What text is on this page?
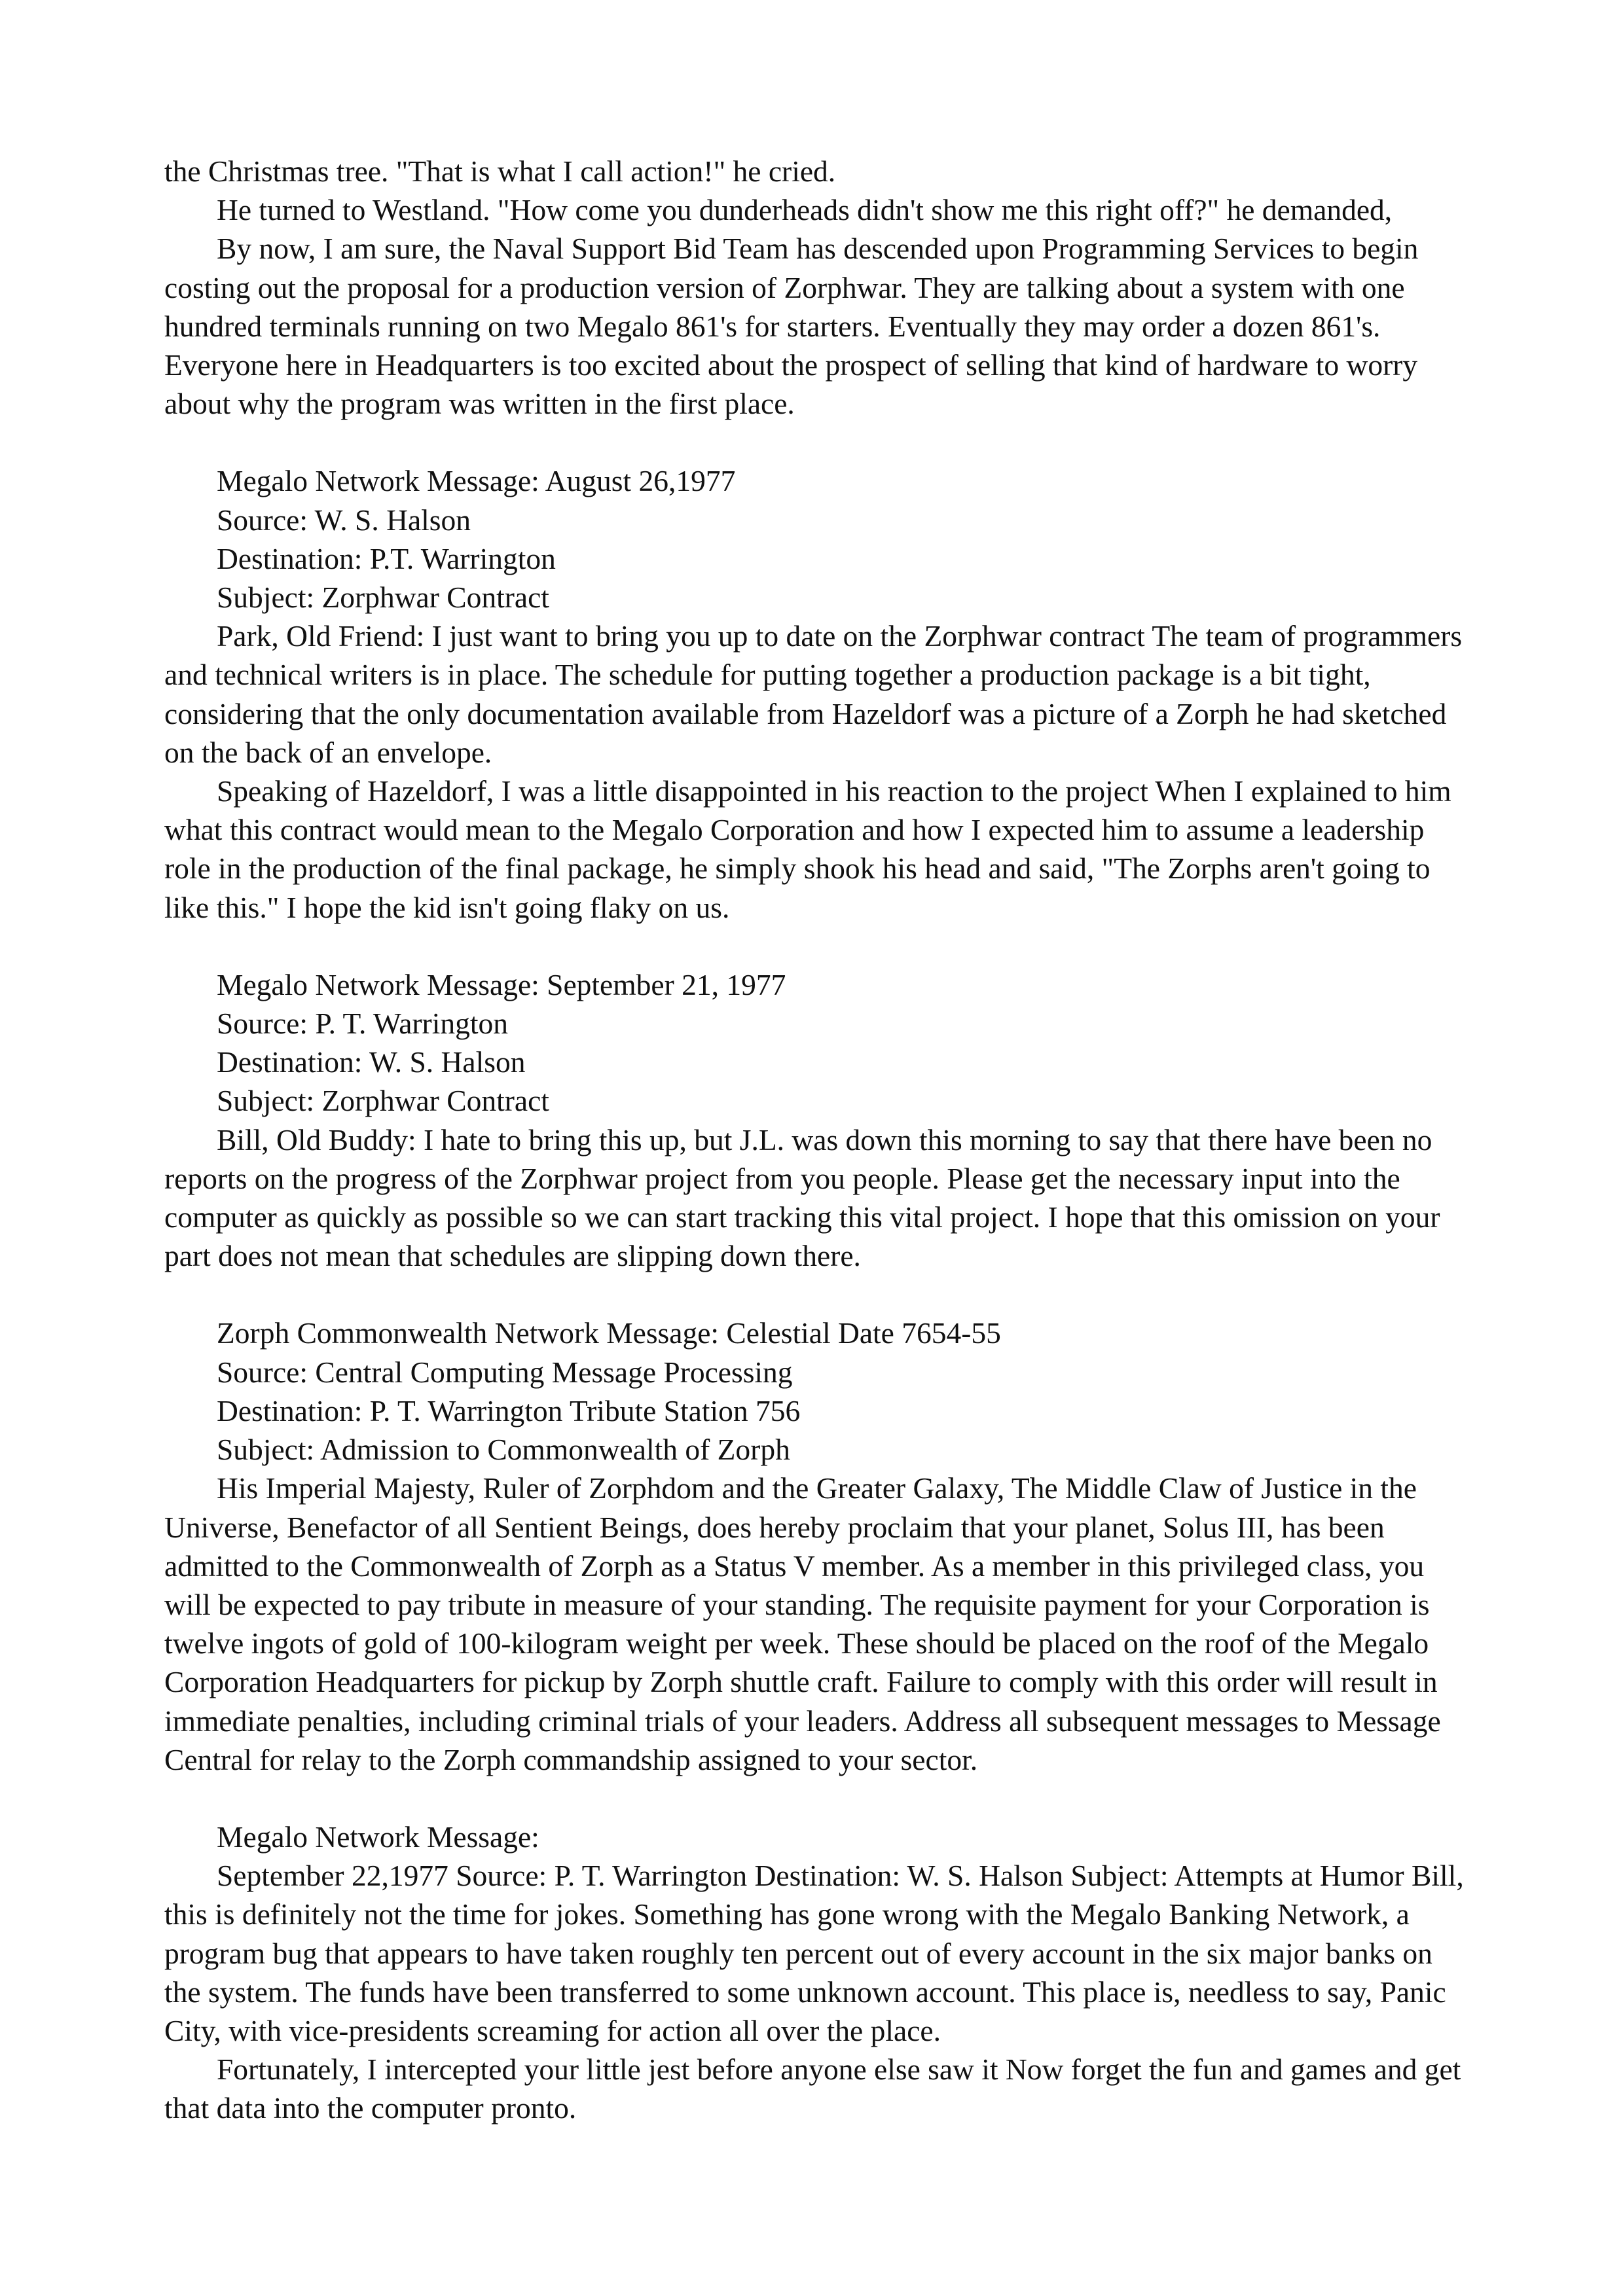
the Christmas tree. "That is what I call action!" he cried.

He turned to Westland. "How come you dunderheads didn't show me this right off?" he demanded,

By now, I am sure, the Naval Support Bid Team has descended upon Programming Services to begin costing out the proposal for a production version of Zorphwar. They are talking about a system with one hundred terminals running on two Megalo 861's for starters. Eventually they may order a dozen 861's. Everyone here in Headquarters is too excited about the prospect of selling that kind of hardware to worry about why the program was written in the first place.

Megalo Network Message: August 26,1977

Source: W. S. Halson

Destination: P.T. Warrington

Subject: Zorphwar Contract

Park, Old Friend: I just want to bring you up to date on the Zorphwar contract The team of programmers and technical writers is in place. The schedule for putting together a production package is a bit tight, considering that the only documentation available from Hazeldorf was a picture of a Zorph he had sketched on the back of an envelope.

Speaking of Hazeldorf, I was a little disappointed in his reaction to the project When I explained to him what this contract would mean to the Megalo Corporation and how I expected him to assume a leadership role in the production of the final package, he simply shook his head and said, "The Zorphs aren't going to like this." I hope the kid isn't going flaky on us.

Megalo Network Message: September 21, 1977

Source: P. T. Warrington

Destination: W. S. Halson

Subject: Zorphwar Contract

Bill, Old Buddy: I hate to bring this up, but J.L. was down this morning to say that there have been no reports on the progress of the Zorphwar project from you people. Please get the necessary input into the computer as quickly as possible so we can start tracking this vital project. I hope that this omission on your part does not mean that schedules are slipping down there.

Zorph Commonwealth Network Message: Celestial Date 7654-55

Source: Central Computing Message Processing

Destination: P. T. Warrington Tribute Station 756

Subject: Admission to Commonwealth of Zorph

His Imperial Majesty, Ruler of Zorphdom and the Greater Galaxy, The Middle Claw of Justice in the Universe, Benefactor of all Sentient Beings, does hereby proclaim that your planet, Solus III, has been admitted to the Commonwealth of Zorph as a Status V member. As a member in this privileged class, you will be expected to pay tribute in measure of your standing. The requisite payment for your Corporation is twelve ingots of gold of 100-kilogram weight per week. These should be placed on the roof of the Megalo Corporation Headquarters for pickup by Zorph shuttle craft. Failure to comply with this order will result in immediate penalties, including criminal trials of your leaders. Address all subsequent messages to Message Central for relay to the Zorph commandship assigned to your sector.

Megalo Network Message:

September 22,1977 Source: P. T. Warrington Destination: W. S. Halson Subject: Attempts at Humor Bill, this is definitely not the time for jokes. Something has gone wrong with the Megalo Banking Network, a program bug that appears to have taken roughly ten percent out of every account in the six major banks on the system. The funds have been transferred to some unknown account. This place is, needless to say, Panic City, with vice-presidents screaming for action all over the place.

Fortunately, I intercepted your little jest before anyone else saw it Now forget the fun and games and get that data into the computer pronto.
